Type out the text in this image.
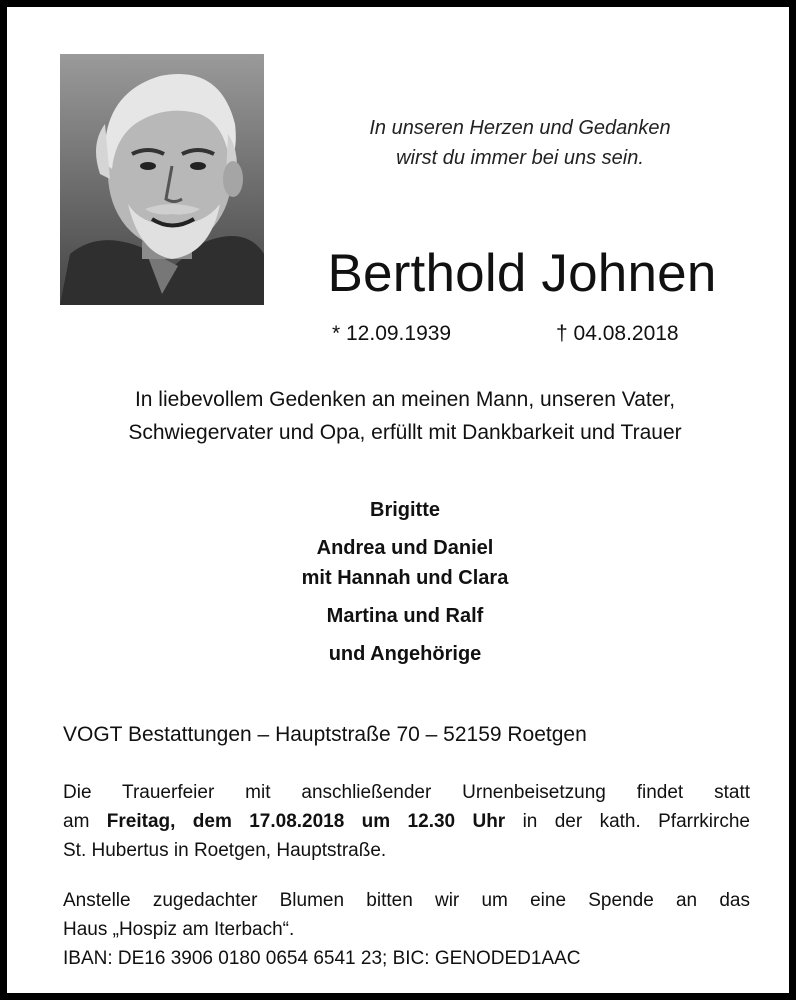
In unseren Herzen und Gedanken
wirst du immer bei uns sein.
Berthold Johnen
* 12.09.1939	† 04.08.2018
In liebevollem Gedenken an meinen Mann, unseren Vater,
Schwiegervater und Opa, erfüllt mit Dankbarkeit und Trauer
Brigitte
Andrea und Daniel
mit Hannah und Clara
Martina und Ralf
und Angehörige
VOGT Bestattungen – Hauptstraße 70 – 52159 Roetgen
Die Trauerfeier mit anschließender Urnenbeisetzung findet statt
am Freitag, dem 17.08.2018 um 12.30 Uhr in der kath. Pfarrkirche
St. Hubertus in Roetgen, Hauptstraße.
Anstelle zugedachter Blumen bitten wir um eine Spende an das
Haus „Hospiz am Iterbach“.
IBAN: DE16 3906 0180 0654 6541 23; BIC: GENODED1AAC
